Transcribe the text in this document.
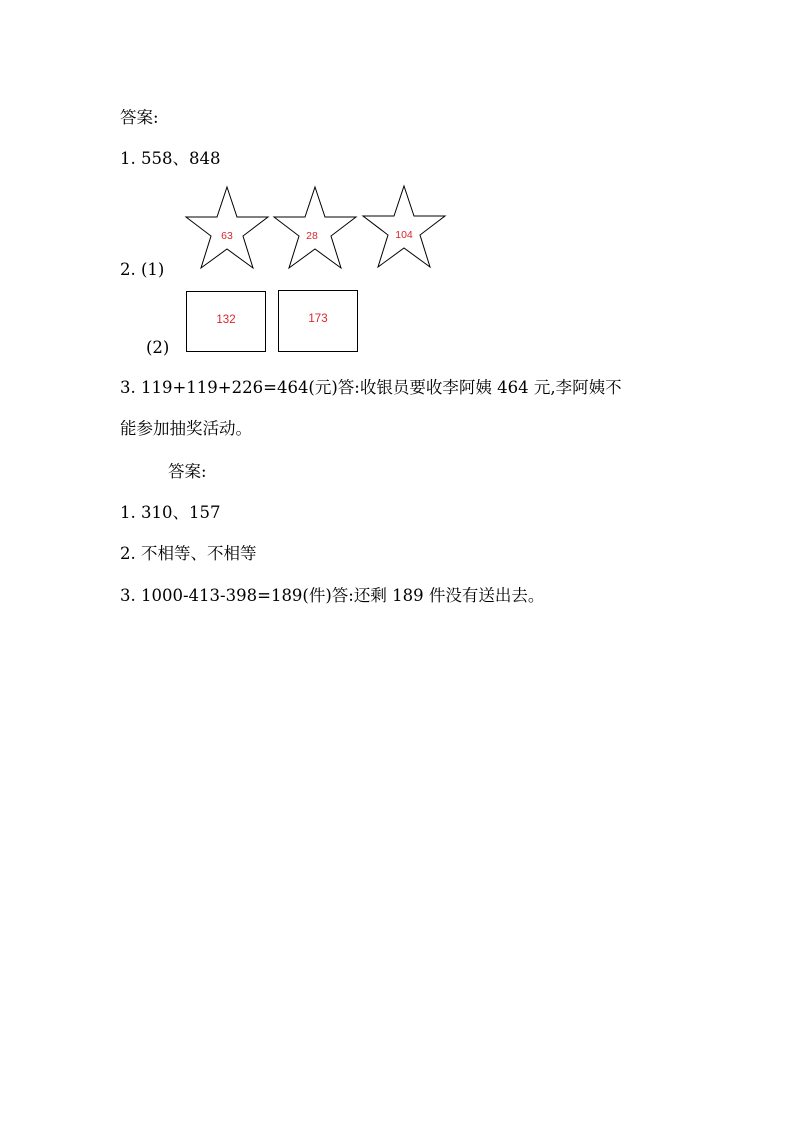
答案:
1. 558、848
63	28	104
2. (1)
132	173
(2)
3. 119+119+226=464(元)答:收银员要收李阿姨 464 元,李阿姨不
能参加抽奖活动。
答案:
1. 310、157
2. 不相等、不相等
3. 1000-413-398=189(件)答:还剩 189 件没有送出去。
